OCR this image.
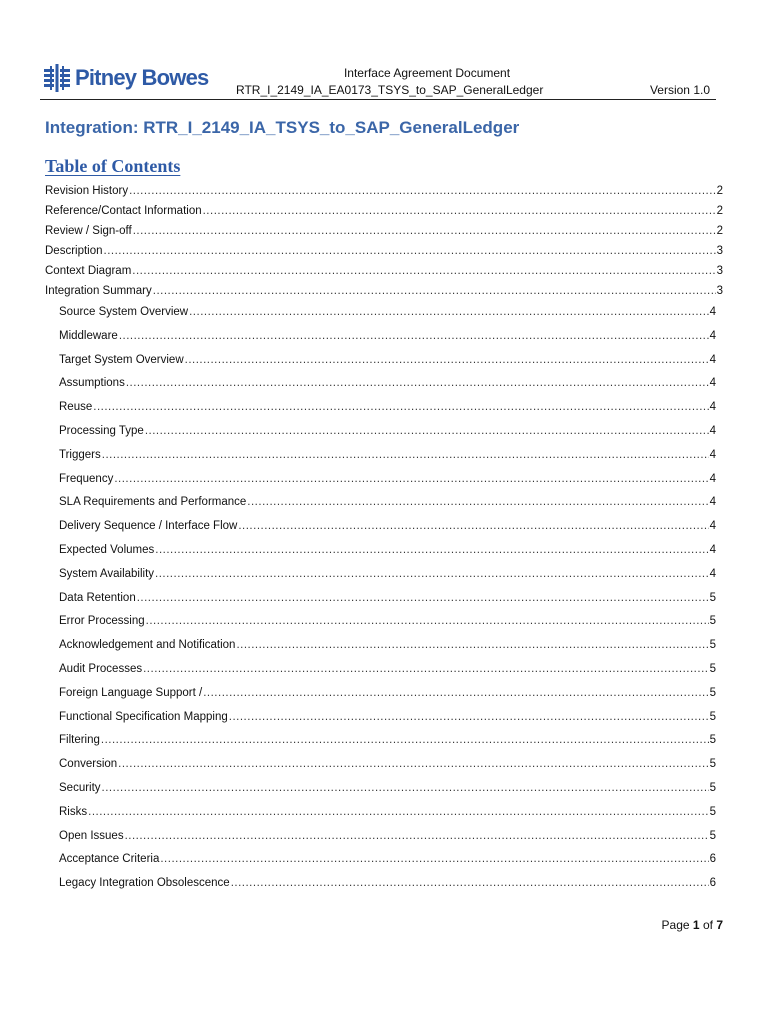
Pitney Bowes	Interface Agreement Document
RTR_I_2149_IA_EA0173_TSYS_to_SAP_GeneralLedger	Version 1.0
Integration: RTR_I_2149_IA_TSYS_to_SAP_GeneralLedger
Table of Contents
Revision History .....	2
Reference/Contact Information .....	2
Review / Sign-off .....	2
Description .....	3
Context Diagram .....	3
Integration Summary .....	3
Source System Overview .....	4
Middleware .....	4
Target System Overview .....	4
Assumptions .....	4
Reuse .....	4
Processing Type .....	4
Triggers .....	4
Frequency .....	4
SLA Requirements and Performance .....	4
Delivery Sequence / Interface Flow .....	4
Expected Volumes .....	4
System Availability .....	4
Data Retention .....	5
Error Processing .....	5
Acknowledgement and Notification .....	5
Audit Processes .....	5
Foreign Language Support / .....	5
Functional Specification Mapping .....	5
Filtering .....	5
Conversion .....	5
Security .....	5
Risks .....	5
Open Issues .....	5
Acceptance Criteria .....	6
Legacy Integration Obsolescence .....	6
Page 1 of 7
